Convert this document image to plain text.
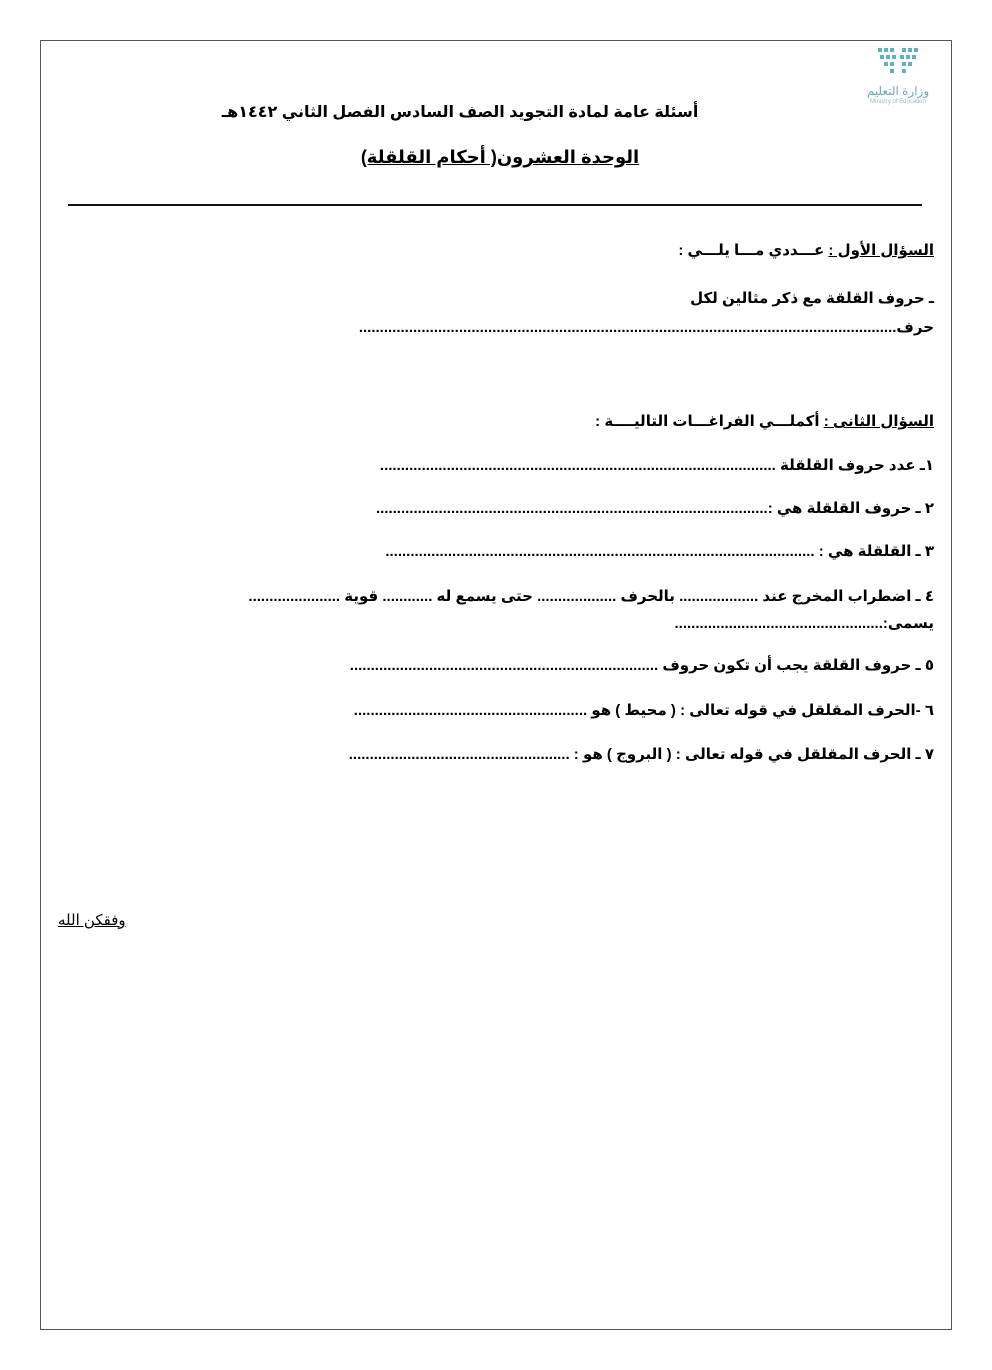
وزارة التعليم
Ministry of Education
أسئلة عامة لمادة التجويد الصف السادس الفصل الثاني ١٤٤٢هـ
الوحدة العشرون( أحكام القلقلة)
السؤال الأول : عـــددي مـــا يلـــي :
ـ حروف القلقة مع ذكر مثالين لكل
حرف.................................................................................................................................
السؤال الثانى : أكملـــي الفراغـــات التاليــــة :
١ـ عدد حروف القلقلة ...............................................................................................
٢ ـ حروف القلقلة هي :..............................................................................................
٣ ـ القلقلة هي : .......................................................................................................
٤ ـ اضطراب المخرج عند ................... بالحرف ................... حتى يسمع له ............ قوية ......................
يسمى:..................................................
٥ ـ حروف القلقة يجب أن تكون حروف ..........................................................................
٦ -الحرف المقلقل في قوله تعالى : ( محيط ) هو ........................................................
٧ ـ الحرف المقلقل في قوله تعالى : ( البروج ) هو : .....................................................
وفقكن الله
